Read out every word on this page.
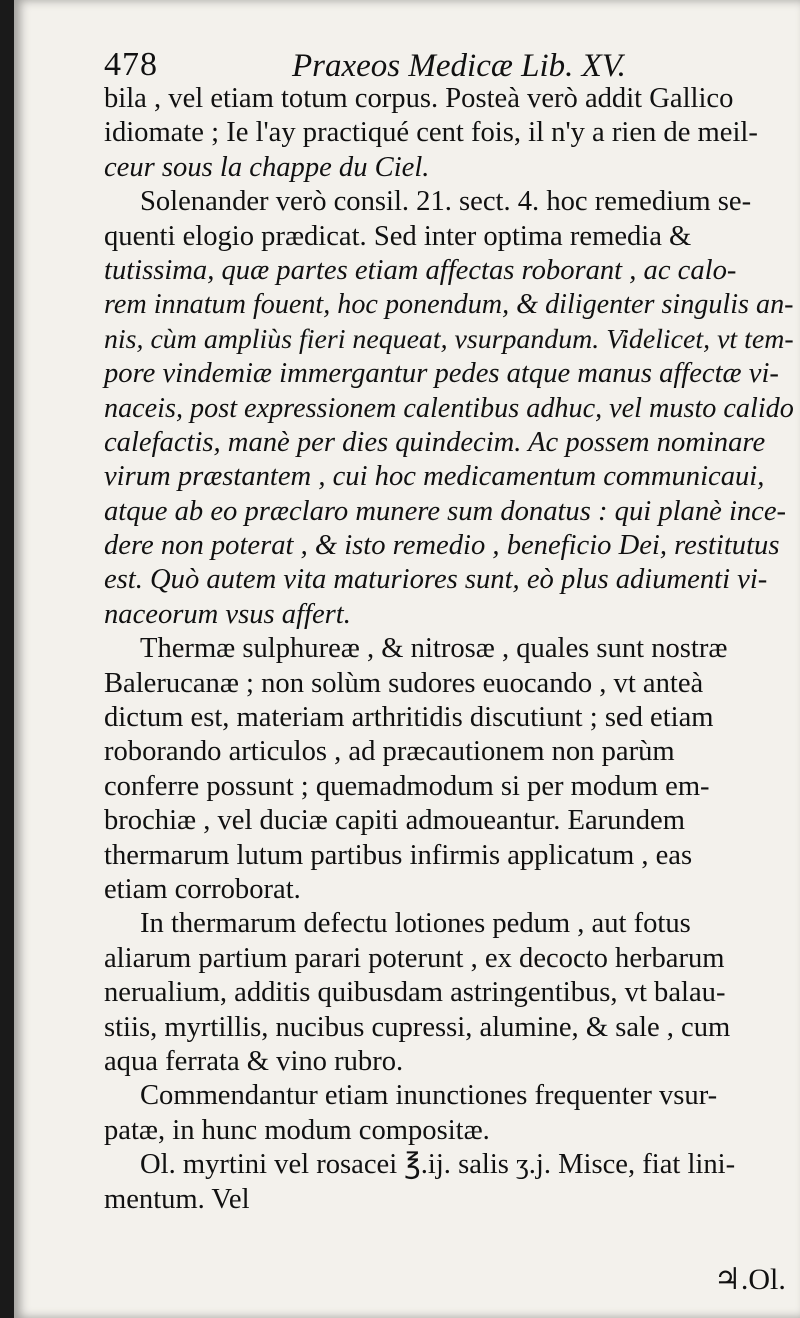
478	Praxeos Medicæ Lib. XV.
bila , vel etiam totum corpus. Posteà verò addit Gallico
idiomate ; Ie l'ay practiqué cent fois, il n'y a rien de meil-
ceur sous la chappe du Ciel.
Solenander verò consil. 21. sect. 4. hoc remedium se-
quenti elogio prædicat. Sed inter optima remedia &
tutissima, quæ partes etiam affectas roborant , ac calo-
rem innatum fouent, hoc ponendum, & diligenter singulis an-
nis, cùm ampliùs fieri nequeat, vsurpandum. Videlicet, vt tem-
pore vindemiæ immergantur pedes atque manus affectæ vi-
naceis, post expressionem calentibus adhuc, vel musto calido
calefactis, manè per dies quindecim. Ac possem nominare
virum præstantem , cui hoc medicamentum communicaui,
atque ab eo præclaro munere sum donatus : qui planè ince-
dere non poterat , & isto remedio , beneficio Dei, restitutus
est. Quò autem vita maturiores sunt, eò plus adiumenti vi-
naceorum vsus affert.
Thermæ sulphureæ , & nitrosæ , quales sunt nostræ
Balerucanæ ; non solùm sudores euocando , vt anteà
dictum est, materiam arthritidis discutiunt ; sed etiam
roborando articulos , ad præcautionem non parùm
conferre possunt ; quemadmodum si per modum em-
brochiæ , vel duciæ capiti admoueantur. Earundem
thermarum lutum partibus infirmis applicatum , eas
etiam corroborat.
In thermarum defectu lotiones pedum , aut fotus
aliarum partium parari poterunt , ex decocto herbarum
nerualium, additis quibusdam astringentibus, vt balau-
stiis, myrtillis, nucibus cupressi, alumine, & sale , cum
aqua ferrata & vino rubro.
Commendantur etiam inunctiones frequenter vsur-
patæ, in hunc modum compositæ.
Ol. myrtini vel rosacei ℥.ij. salis ʒ.j. Misce, fiat lini-
mentum. Vel
♃.Ol.
